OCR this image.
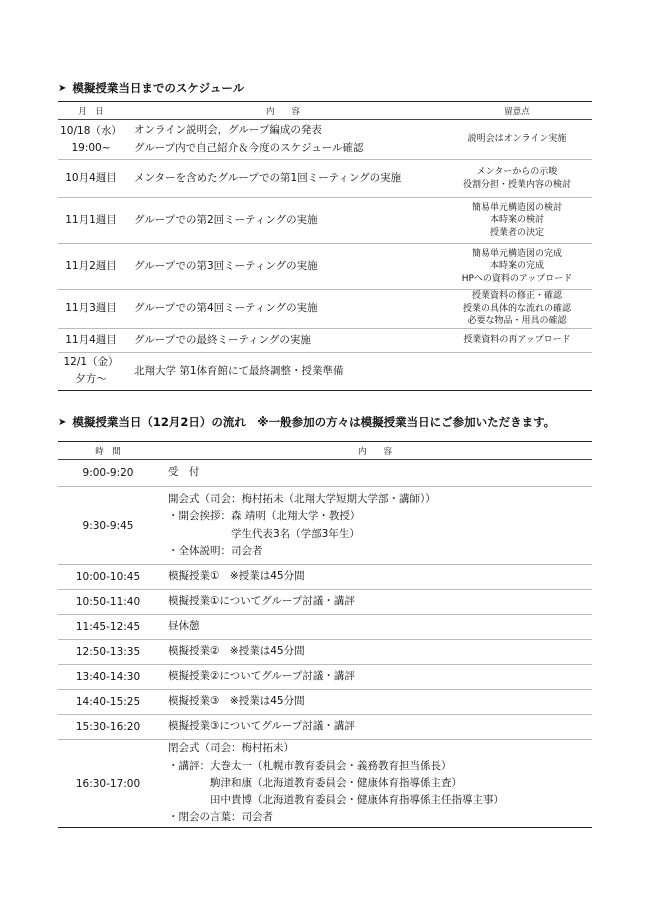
➤ 模擬授業当日までのスケジュール
月　日	内　　容	留意点

10/18（水）
19:00~	オンライン説明会，グループ編成の発表
グループ内で自己紹介＆今度のスケジュール確認	説明会はオンライン実施

10月4週目	メンターを含めたグループでの第1回ミーティングの実施	メンターからの示唆
役割分担・授業内容の検討

11月1週目	グループでの第2回ミーティングの実施	簡易単元構造図の検討
本時案の検討
授業者の決定

11月2週目	グループでの第3回ミーティングの実施	簡易単元構造図の完成
本時案の完成
HPへの資料のアップロード

11月3週目	グループでの第4回ミーティングの実施	授業資料の修正・確認
授業の具体的な流れの確認
必要な物品・用具の確認

11月4週目	グループでの最終ミーティングの実施	授業資料の再アップロード

12/1（金）
夕方～	北翔大学 第1体育館にて最終調整・授業準備	

➤ 模擬授業当日（12月2日）の流れ　※一般参加の方々は模擬授業当日にご参加いただきます。
時　間	内　　容
9:00-9:20	受　付

9:30-9:45	開会式（司会：梅村拓未（北翔大学短期大学部・講師））
・開会挨拶：森 靖明（北翔大学・教授）
　　　　　　学生代表3名（学部3年生）
・全体説明：司会者

10:00-10:45	模擬授業①　※授業は45分間

10:50-11:40	模擬授業①についてグループ討議・講評

11:45-12:45	昼休憩

12:50-13:35	模擬授業②　※授業は45分間

13:40-14:30	模擬授業②についてグループ討議・講評

14:40-15:25	模擬授業③　※授業は45分間

15:30-16:20	模擬授業③についてグループ討議・講評

16:30-17:00	閉会式（司会：梅村拓未）
・講評：大巻太一（札幌市教育委員会・義務教育担当係長）
　　　　駒津和康（北海道教育委員会・健康体育指導係主査）
　　　　田中貴博（北海道教育委員会・健康体育指導係主任指導主事）
・閉会の言葉：司会者
